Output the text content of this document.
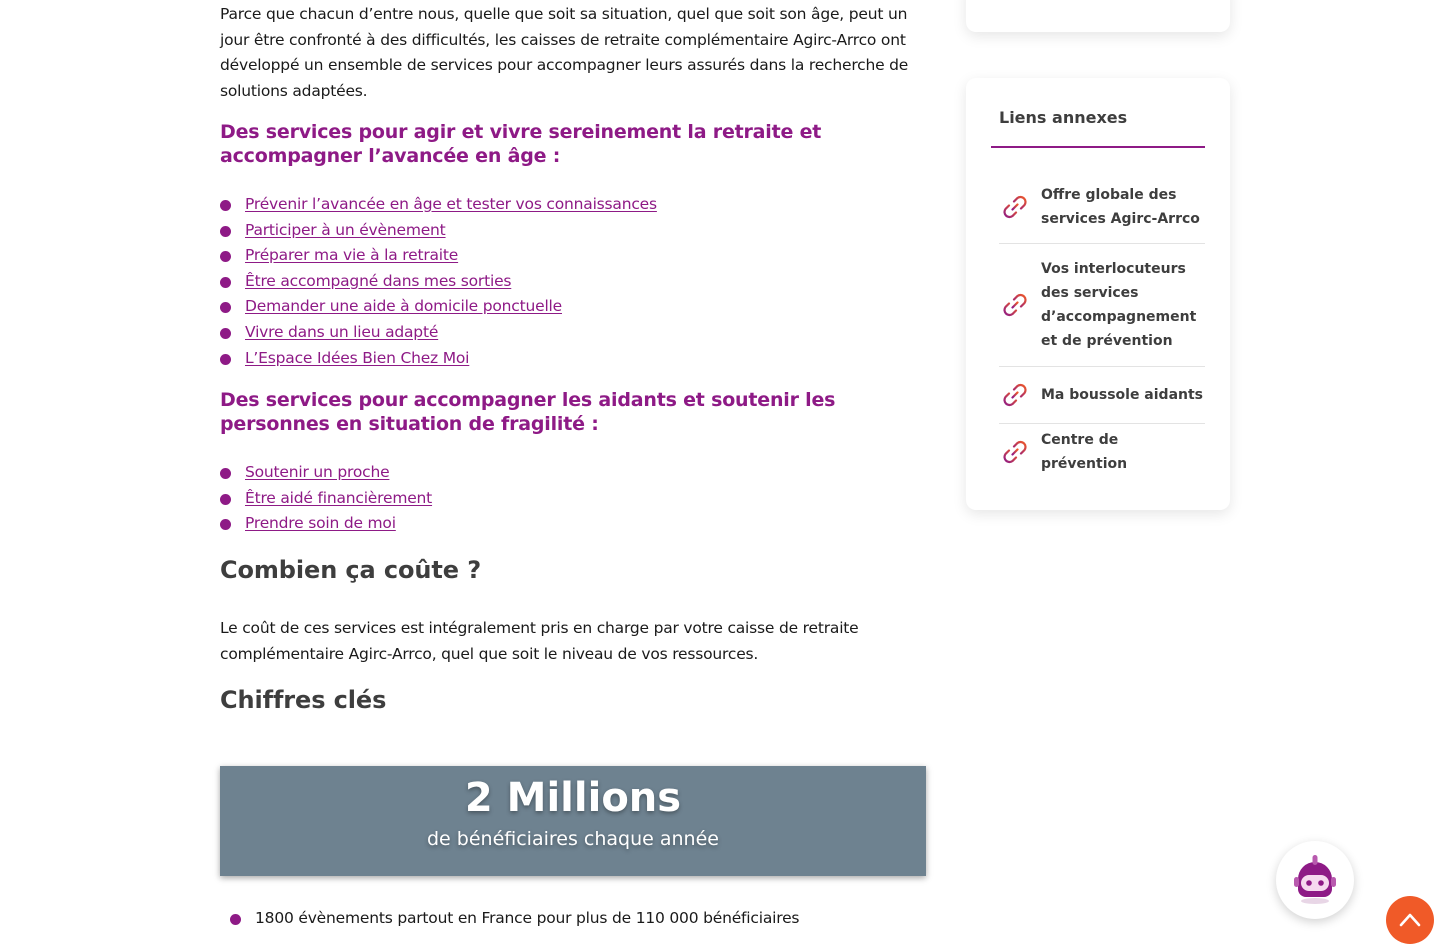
Parce que chacun d’entre nous, quelle que soit sa situation, quel que soit son âge, peut un jour être confronté à des difficultés, les caisses de retraite complémentaire Agirc-Arrco ont développé un ensemble de services pour accompagner leurs assurés dans la recherche de solutions adaptées.

Des services pour agir et vivre sereinement la retraite et accompagner l’avancée en âge :
Prévenir l’avancée en âge et tester vos connaissances
Participer à un évènement
Préparer ma vie à la retraite
Être accompagné dans mes sorties
Demander une aide à domicile ponctuelle
Vivre dans un lieu adapté
L’Espace Idées Bien Chez Moi
Des services pour accompagner les aidants et soutenir les personnes en situation de fragilité :
Soutenir un proche
Être aidé financièrement
Prendre soin de moi
Combien ça coûte ?

Le coût de ces services est intégralement pris en charge par votre caisse de retraite complémentaire Agirc-Arrco, quel que soit le niveau de vos ressources.

Chiffres clés
2 Millions
de bénéficiaires chaque année
1800 évènements partout en France pour plus de 110 000 bénéficiaires
Liens annexes
Offre globale des services Agirc-Arrco
Vos interlocuteurs des services d’accompagnement et de prévention
Ma boussole aidants
Centre de prévention
